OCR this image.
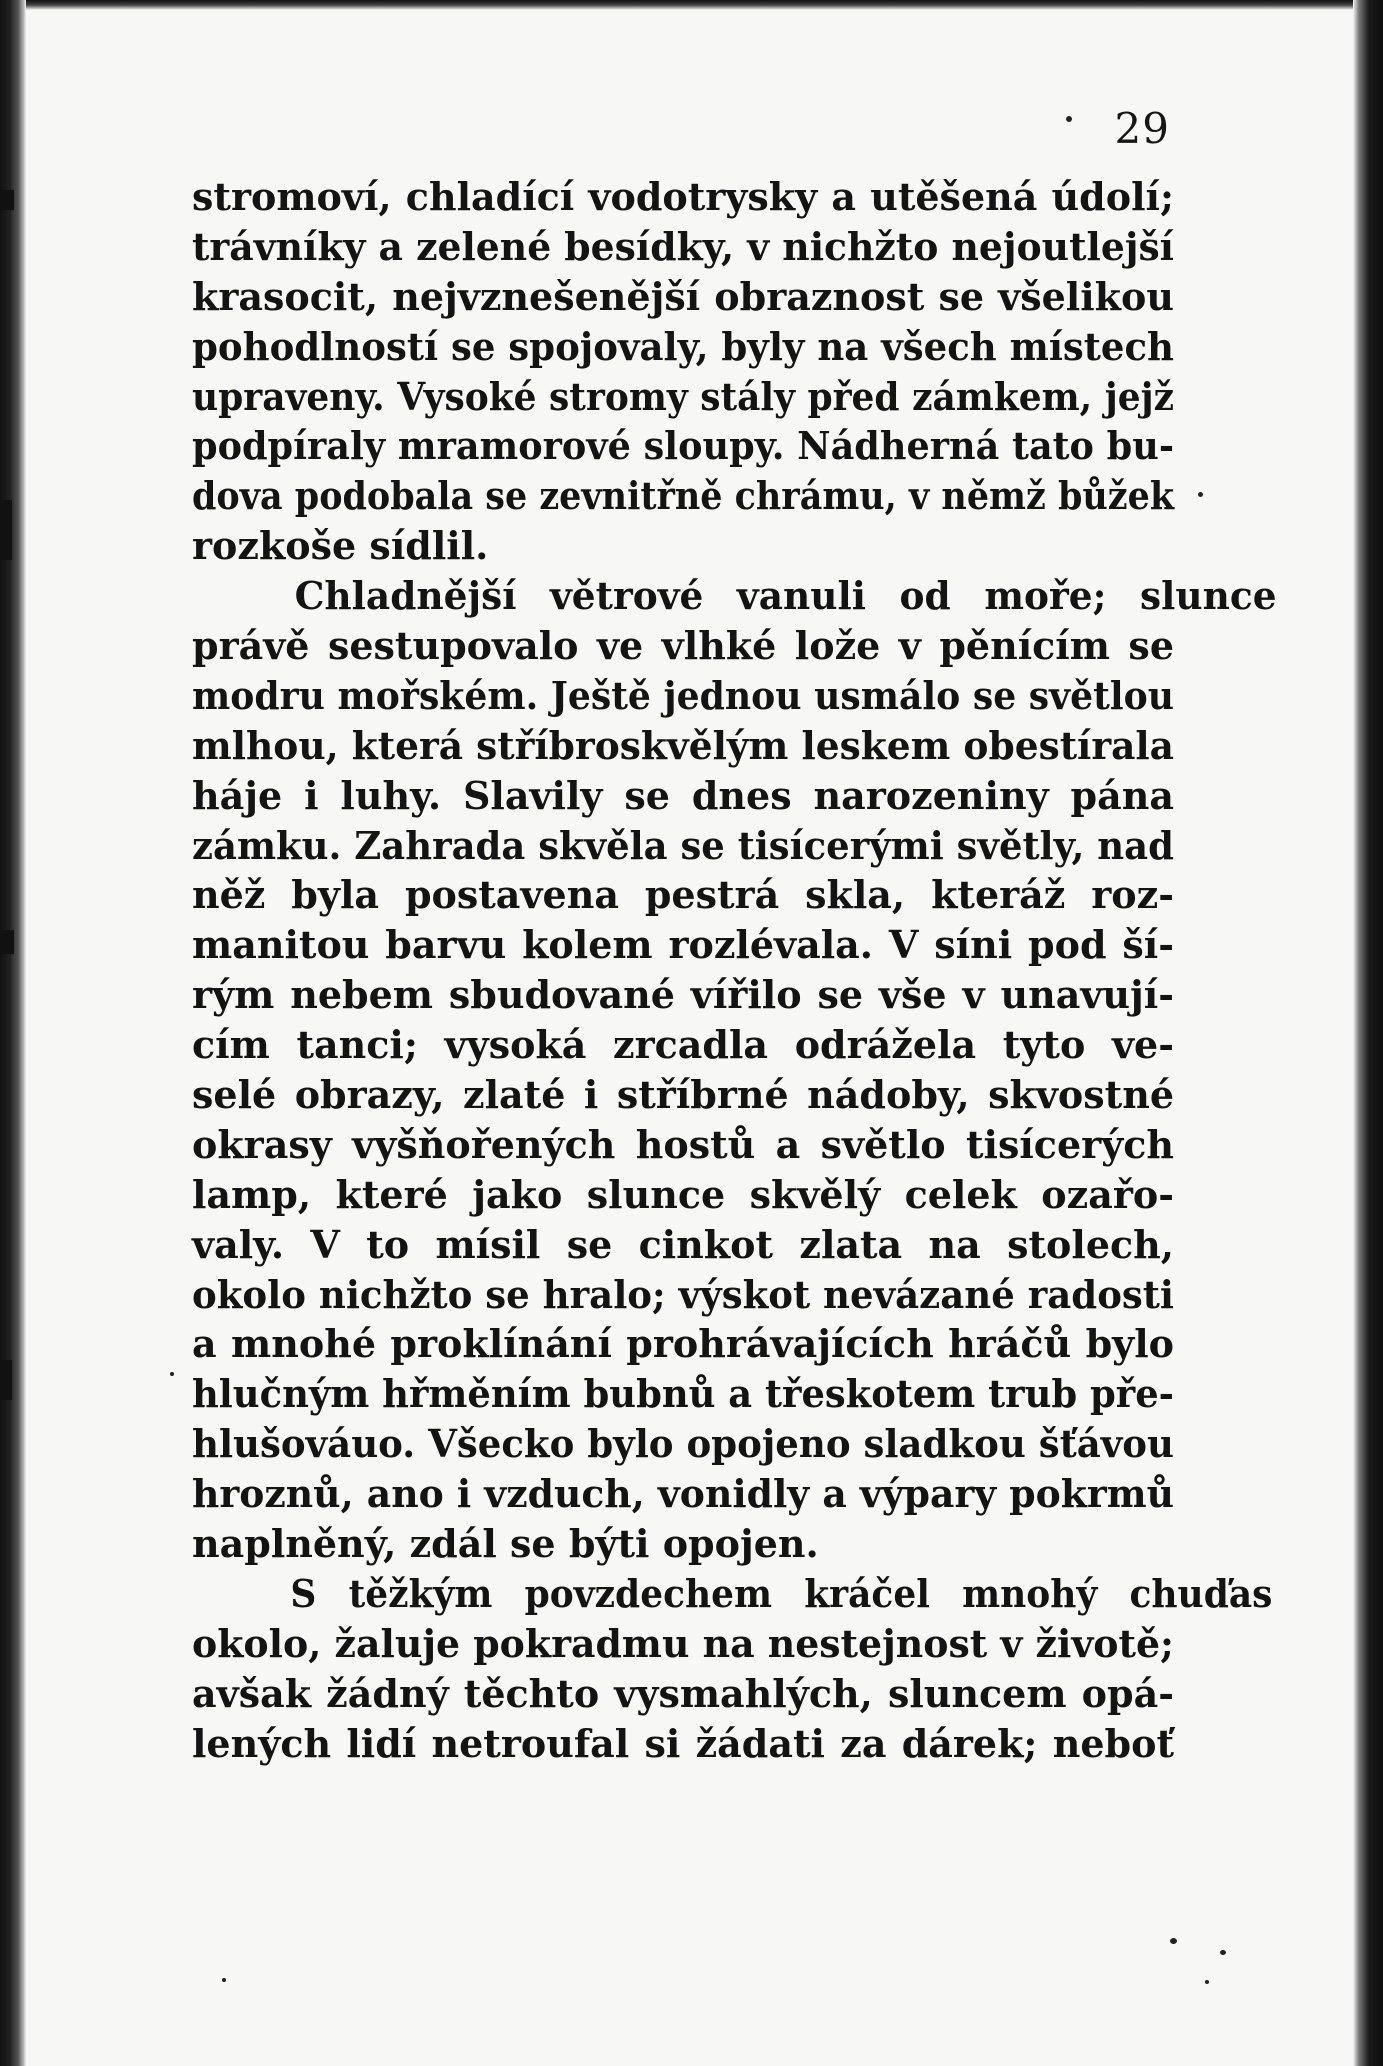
29
stromoví, chladící vodotrysky a utěšená údolí;
trávníky a zelené besídky, v nichžto nejoutlejší
krasocit, nejvznešenější obraznost se všelikou
pohodlností se spojovaly, byly na všech místech
upraveny. Vysoké stromy stály před zámkem, jejž
podpíraly mramorové sloupy. Nádherná tato bu-
dova podobala se zevnitřně chrámu, v němž bůžek
rozkoše sídlil.
Chladnější větrové vanuli od moře; slunce
právě sestupovalo ve vlhké lože v pěnícím se
modru mořském. Ještě jednou usmálo se světlou
mlhou, která stříbroskvělým leskem obestírala
háje i luhy. Slavily se dnes narozeniny pána
zámku. Zahrada skvěla se tisícerými světly, nad
něž byla postavena pestrá skla, kteráž roz-
manitou barvu kolem rozlévala. V síni pod ší-
rým nebem sbudované vířilo se vše v unavují-
cím tanci; vysoká zrcadla odrážela tyto ve-
selé obrazy, zlaté i stříbrné nádoby, skvostné
okrasy vyšňořených hostů a světlo tisícerých
lamp, které jako slunce skvělý celek ozařo-
valy. V to mísil se cinkot zlata na stolech,
okolo nichžto se hralo; výskot nevázané radosti
a mnohé proklínání prohrávajících hráčů bylo
hlučným hřměním bubnů a třeskotem trub pře-
hlušováuo. Všecko bylo opojeno sladkou šťávou
hroznů, ano i vzduch, vonidly a výpary pokrmů
naplněný, zdál se býti opojen.
S těžkým povzdechem kráčel mnohý chuďas
okolo, žaluje pokradmu na nestejnost v životě;
avšak žádný těchto vysmahlých, sluncem opá-
lených lidí netroufal si žádati za dárek; neboť
